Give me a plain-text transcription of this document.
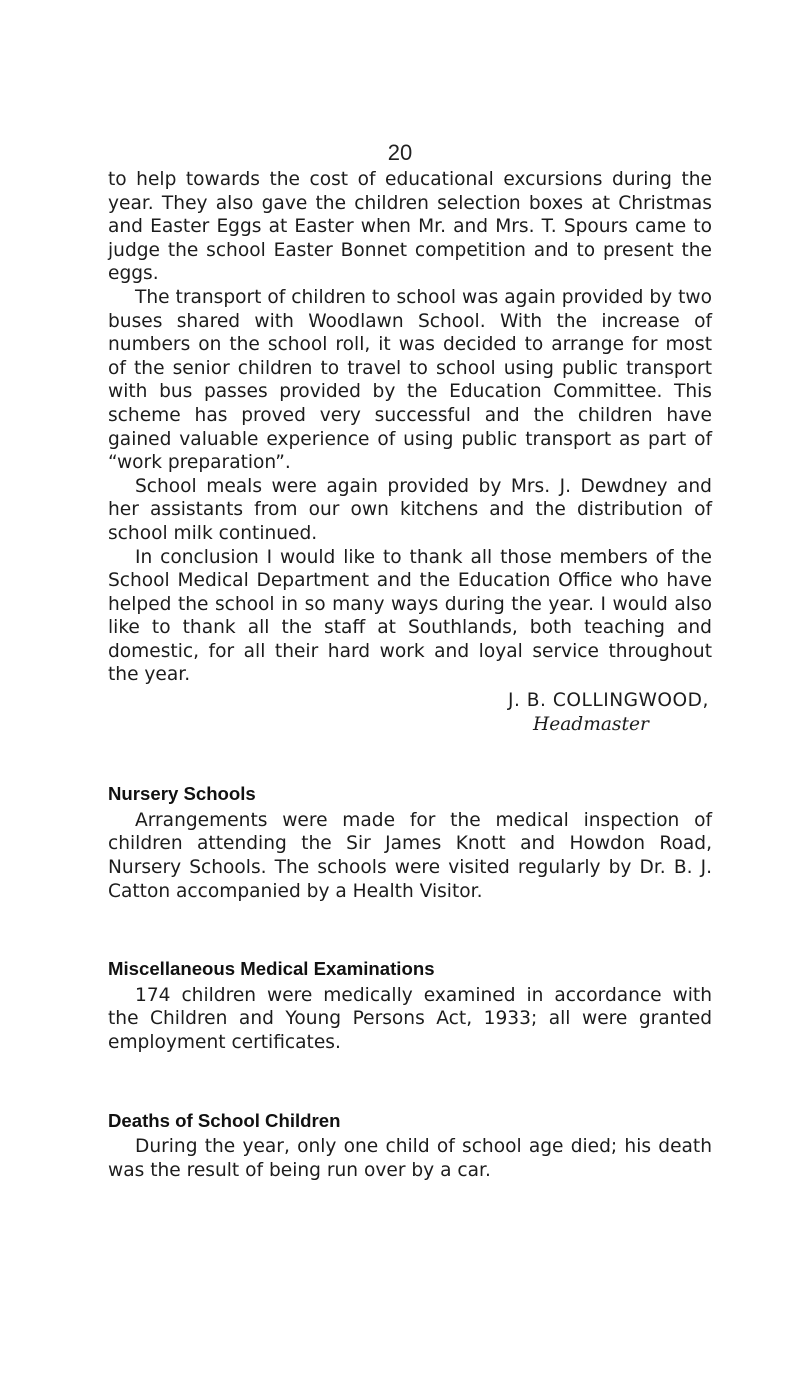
20

to help towards the cost of educational excursions during the year. They also gave the children selection boxes at Christmas and Easter Eggs at Easter when Mr. and Mrs. T. Spours came to judge the school Easter Bonnet competition and to present the eggs.

The transport of children to school was again provided by two buses shared with Woodlawn School. With the increase of numbers on the school roll, it was decided to arrange for most of the senior children to travel to school using public transport with bus passes provided by the Education Committee. This scheme has proved very successful and the children have gained valuable experience of using public transport as part of “work preparation”.

School meals were again provided by Mrs. J. Dewdney and her assistants from our own kitchens and the distribution of school milk continued.

In conclusion I would like to thank all those members of the School Medical Department and the Education Office who have helped the school in so many ways during the year. I would also like to thank all the staff at Southlands, both teaching and domestic, for all their hard work and loyal service throughout the year.

J. B. COLLINGWOOD,
Headmaster
Nursery Schools

Arrangements were made for the medical inspection of children attending the Sir James Knott and Howdon Road, Nursery Schools. The schools were visited regularly by Dr. B. J. Catton accompanied by a Health Visitor.

Miscellaneous Medical Examinations

174 children were medically examined in accordance with the Children and Young Persons Act, 1933; all were granted employment certificates.

Deaths of School Children

During the year, only one child of school age died; his death was the result of being run over by a car.
